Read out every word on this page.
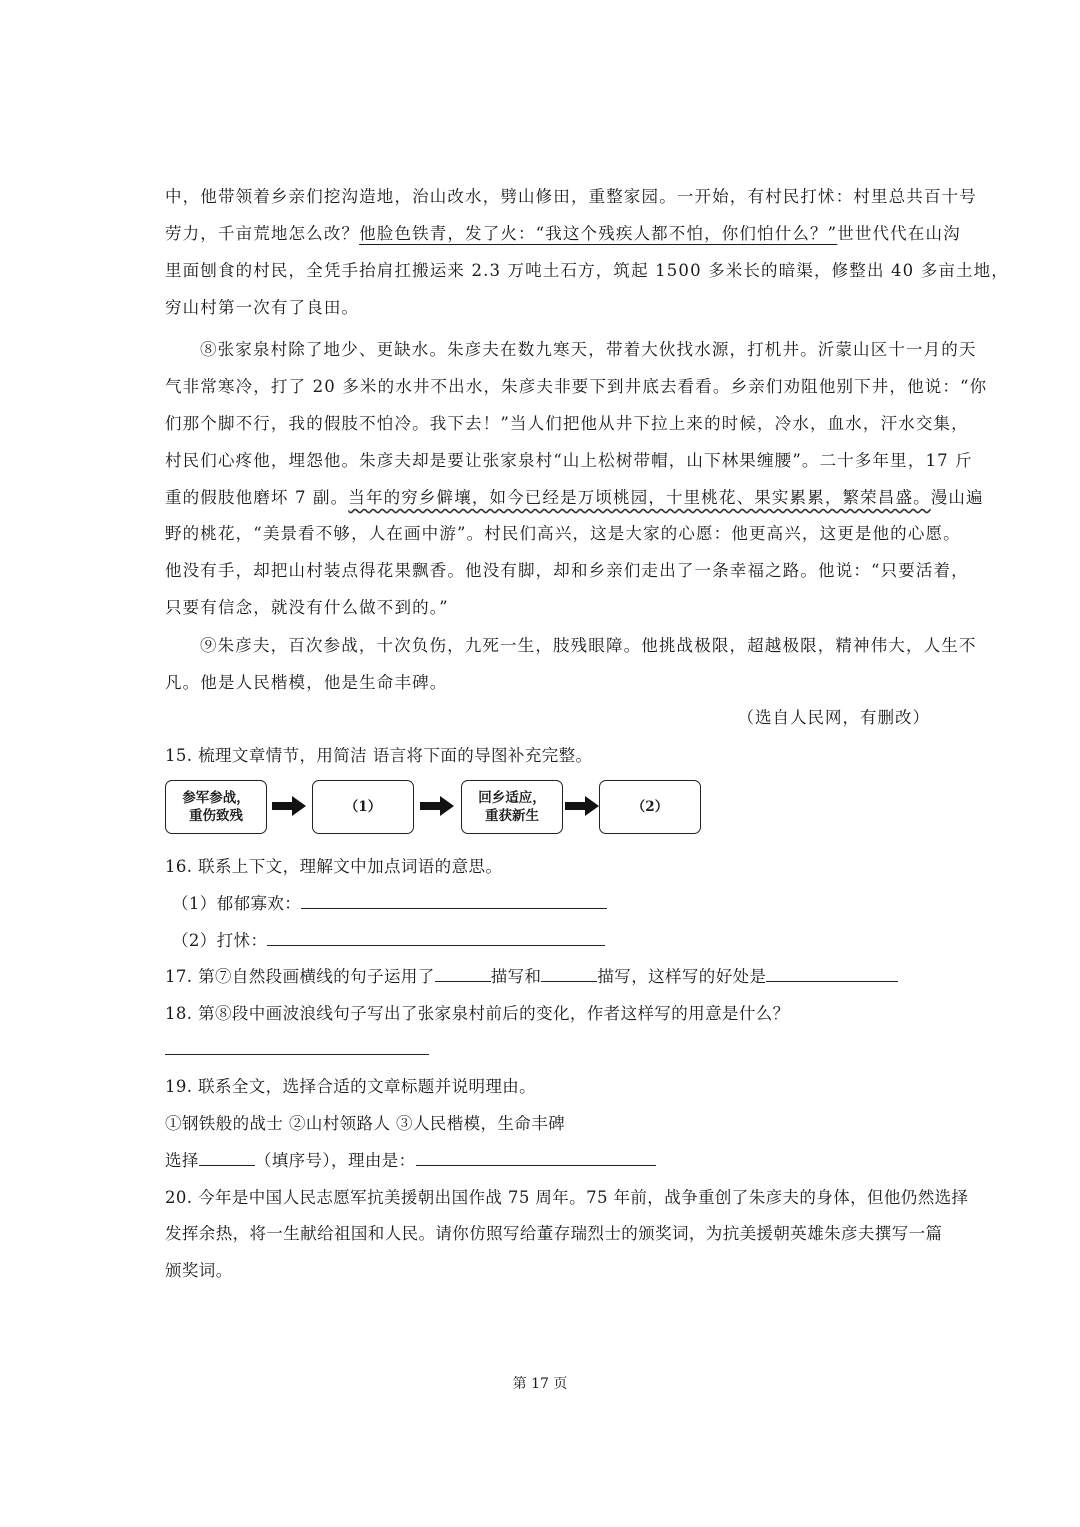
中，他带领着乡亲们挖沟造地，治山改水，劈山修田，重整家园。一开始，有村民打怵：村里总共百十号
劳力，千亩荒地怎么改？他脸色铁青，发了火：“我这个残疾人都不怕，你们怕什么？”世世代代在山沟
里面刨食的村民，全凭手抬肩扛搬运来 2.3 万吨土石方，筑起 1500 多米长的暗渠，修整出 40 多亩土地，
穷山村第一次有了良田。
⑧张家泉村除了地少、更缺水。朱彦夫在数九寒天，带着大伙找水源，打机井。沂蒙山区十一月的天
气非常寒冷，打了 20 多米的水井不出水，朱彦夫非要下到井底去看看。乡亲们劝阻他别下井，他说：“你
们那个脚不行，我的假肢不怕冷。我下去！”当人们把他从井下拉上来的时候，冷水，血水，汗水交集，
村民们心疼他，埋怨他。朱彦夫却是要让张家泉村“山上松树带帽，山下林果缠腰”。二十多年里，17 斤
重的假肢他磨坏 7 副。当年的穷乡僻壤，如今已经是万顷桃园，十里桃花、果实累累，繁荣昌盛。漫山遍
野的桃花，“美景看不够，人在画中游”。村民们高兴，这是大家的心愿：他更高兴，这更是他的心愿。
他没有手，却把山村装点得花果飘香。他没有脚，却和乡亲们走出了一条幸福之路。他说：“只要活着，
只要有信念，就没有什么做不到的。”
⑨朱彦夫，百次参战，十次负伤，九死一生，肢残眼障。他挑战极限，超越极限，精神伟大，人生不
凡。他是人民楷模，他是生命丰碑。
（选自人民网，有删改）
15. 梳理文章情节，用简洁 语言将下面的导图补充完整。
参军参战，
重伤致残
（1）
回乡适应，
重获新生
（2）
16. 联系上下文，理解文中加点词语的意思。
（1）郁郁寡欢：
（2）打怵：
17. 第⑦自然段画横线的句子运用了	描写和	描写，这样写的好处是
18. 第⑧段中画波浪线句子写出了张家泉村前后的变化，作者这样写的用意是什么？
19. 联系全文，选择合适的文章标题并说明理由。
①钢铁般的战士 ②山村领路人 ③人民楷模，生命丰碑
选择	（填序号），理由是：
20. 今年是中国人民志愿军抗美援朝出国作战 75 周年。75 年前，战争重创了朱彦夫的身体，但他仍然选择
发挥余热，将一生献给祖国和人民。请你仿照写给董存瑞烈士的颁奖词，为抗美援朝英雄朱彦夫撰写一篇
颁奖词。
第 17 页
